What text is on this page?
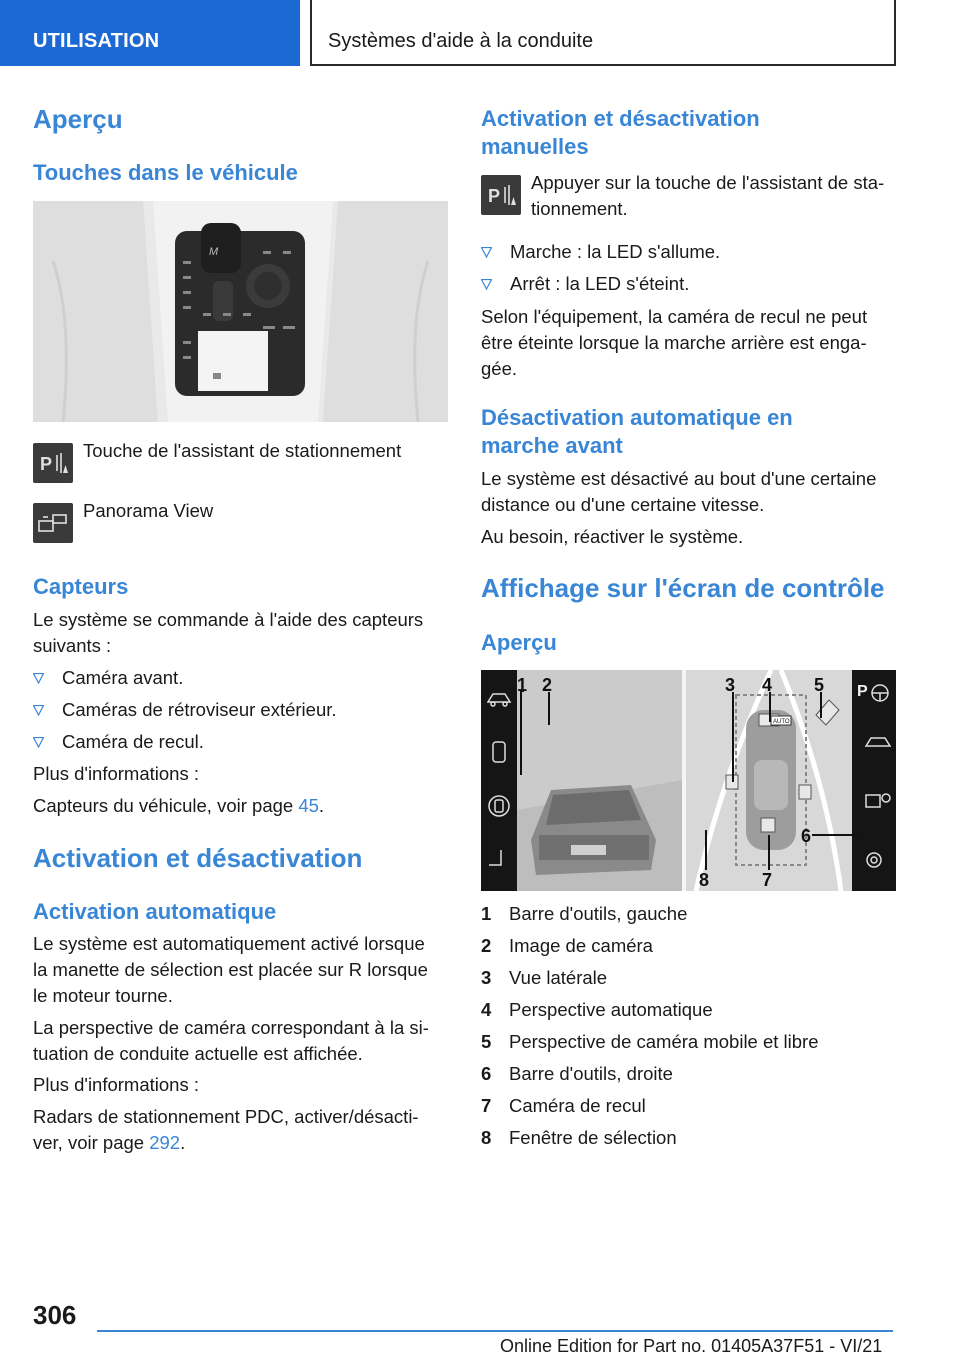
UTILISATION	Systèmes d'aide à la conduite
Aperçu
Touches dans le véhicule
M
P
Touche de l'assistant de stationnement
Panorama View
Capteurs
Le système se commande à l'aide des capteurs
suivants :
Caméra avant.
Caméras de rétroviseur extérieur.
Caméra de recul.
Plus d'informations :
Capteurs du véhicule, voir page 45.
Activation et désactivation
Activation automatique
Le système est automatiquement activé lorsque
la manette de sélection est placée sur R lorsque
le moteur tourne.
La perspective de caméra correspondant à la si-
tuation de conduite actuelle est affichée.
Plus d'informations :
Radars de stationnement PDC, activer/désacti-
ver, voir page 292.
Activation et désactivation
manuelles
P
Appuyer sur la touche de l'assistant de sta-
tionnement.
Marche : la LED s'allume.
Arrêt : la LED s'éteint.
Selon l'équipement, la caméra de recul ne peut
être éteinte lorsque la marche arrière est enga-
gée.
Désactivation automatique en
marche avant
Le système est désactivé au bout d'une certaine
distance ou d'une certaine vitesse.
Au besoin, réactiver le système.
Affichage sur l'écran de contrôle
Aperçu
AUTO
P
1 2	3 4 5
6
7
8
1 Barre d'outils, gauche
2 Image de caméra
3 Vue latérale
4 Perspective automatique
5 Perspective de caméra mobile et libre
6 Barre d'outils, droite
7 Caméra de recul
8 Fenêtre de sélection
306
Online Edition for Part no. 01405A37F51 - VI/21
